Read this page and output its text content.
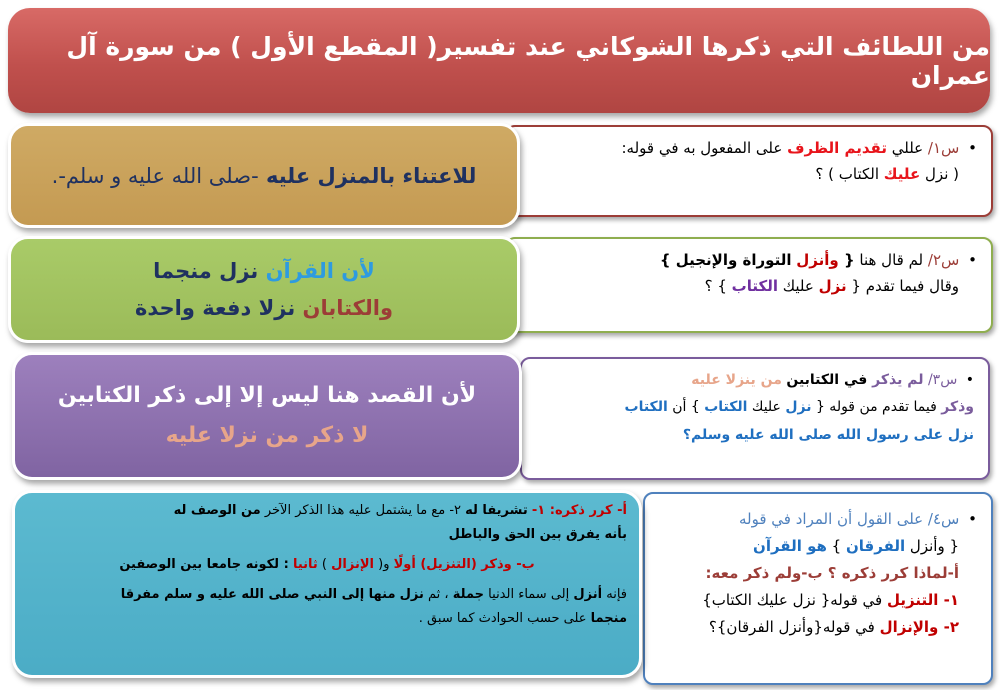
من اللطائف التي ذكرها الشوكاني عند تفسير( المقطع الأول ) من سورة آل عمران
• س١/ عللي تقديم الظرف على المفعول به في قوله:
( نزل عليك الكتاب ) ؟
للاعتناء بالمنزل عليه -صلى الله عليه و سلم-.
• س٢/ لم قال هنا { وأنزل التوراة والإنجيل }
وقال فيما تقدم { نزل عليك الكتاب } ؟
لأن القرآن نزل منجما
والكتابان نزلا دفعة واحدة
• س٣/ لم يذكر في الكتابين من ينزلا عليه
وذكر فيما تقدم من قوله { نزل عليك الكتاب } أن الكتاب
نزل على رسول الله صلى الله عليه وسلم؟
لأن القصد هنا ليس إلا إلى ذكر الكتابين
لا ذكر من نزلا عليه
• س٤/ على القول أن المراد في قوله
{ وأنزل الفرقان } هو القرآن
أ-لماذا كرر ذكره ؟ ب-ولم ذكر معه:
١- التنزيل في قوله{ نزل عليك الكتاب}
٢- والإنزال في قوله{وأنزل الفرقان}؟
أ- كرر ذكره: ١- تشريفا له ٢- مع ما يشتمل عليه هذا الذكر الآخر من الوصف له
بأنه يفرق بين الحق والباطل
ب- وذكر (التنزيل) أولًا و( الإنزال ) ثانيا : لكونه جامعا بين الوصفين
فإنه أنزل إلى سماء الدنيا جملة ، ثم نزل منها إلى النبي صلى الله عليه و سلم مفرقا
منجما على حسب الحوادث كما سبق .
